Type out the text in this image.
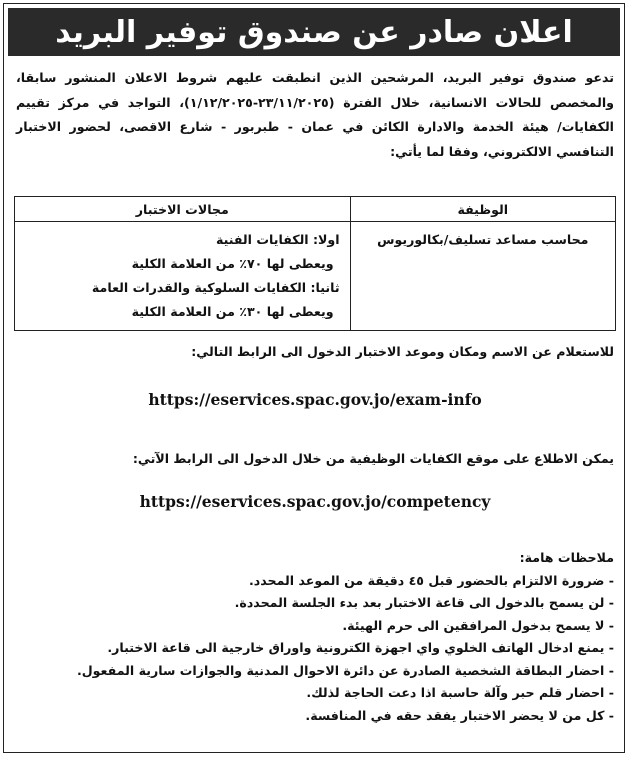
اعلان صادر عن صندوق توفير البريد
تدعو صندوق توفير البريد، المرشحين الذين انطبقت عليهم شروط الاعلان المنشور سابقا، والمخصص للحالات الانسانية، خلال الفترة (٢٣/١١/٢٠٢٥-١/١٢/٢٠٢٥)، التواجد في مركز تقييم الكفايات/ هيئة الخدمة والادارة الكائن في عمان - طبربور - شارع الاقصى، لحضور الاختبار التنافسي الالكتروني، وفقا لما يأتي:
الوظيفة	مجالات الاختبار
محاسب مساعد تسليف/بكالوريوس	اولا: الكفايات الفنية
ويعطى لها ٧٠٪ من العلامة الكلية
ثانيا: الكفايات السلوكية والقدرات العامة
ويعطى لها ٣٠٪ من العلامة الكلية
للاستعلام عن الاسم ومكان وموعد الاختبار الدخول الى الرابط التالي:
https://eservices.spac.gov.jo/exam-info
يمكن الاطلاع على موقع الكفايات الوظيفية من خلال الدخول الى الرابط الآتي:
https://eservices.spac.gov.jo/competency
ملاحظات هامة:
- ضرورة الالتزام بالحضور قبل ٤٥ دقيقة من الموعد المحدد.
- لن يسمح بالدخول الى قاعة الاختبار بعد بدء الجلسة المحددة.
- لا يسمح بدخول المرافقين الى حرم الهيئة.
- يمنع ادخال الهاتف الخلوي واي اجهزة الكترونية واوراق خارجية الى قاعة الاختبار.
- احضار البطاقة الشخصية الصادرة عن دائرة الاحوال المدنية والجوازات سارية المفعول.
- احضار قلم حبر وآلة حاسبة اذا دعت الحاجة لذلك.
- كل من لا يحضر الاختبار يفقد حقه في المنافسة.
